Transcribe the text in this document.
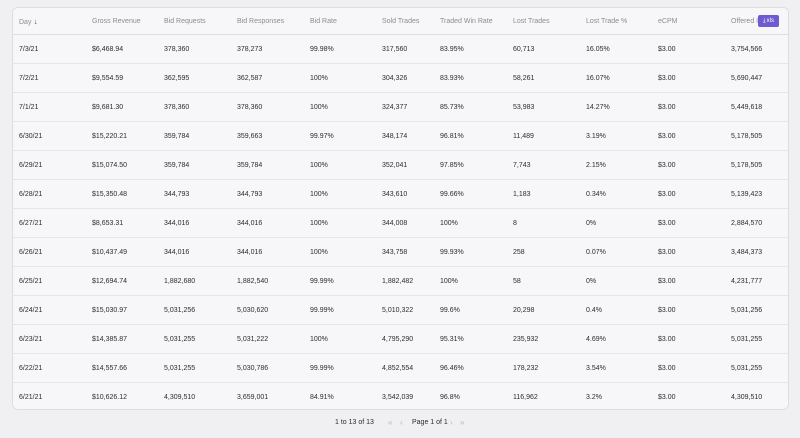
Day ↓	Gross Revenue	Bid Requests	Bid Responses	Bid Rate	Sold Trades	Traded Win Rate	Lost Trades	Lost Trade %	eCPM	Offered I ⤓xls
7/3/21	$6,468.94	378,360	378,273	99.98%	317,560	83.95%	60,713	16.05%	$3.00	3,754,566
7/2/21	$9,554.59	362,595	362,587	100%	304,326	83.93%	58,261	16.07%	$3.00	5,690,447
7/1/21	$9,681.30	378,360	378,360	100%	324,377	85.73%	53,983	14.27%	$3.00	5,449,618
6/30/21	$15,220.21	359,784	359,663	99.97%	348,174	96.81%	11,489	3.19%	$3.00	5,178,505
6/29/21	$15,074.50	359,784	359,784	100%	352,041	97.85%	7,743	2.15%	$3.00	5,178,505
6/28/21	$15,350.48	344,793	344,793	100%	343,610	99.66%	1,183	0.34%	$3.00	5,139,423
6/27/21	$8,653.31	344,016	344,016	100%	344,008	100%	8	0%	$3.00	2,884,570
6/26/21	$10,437.49	344,016	344,016	100%	343,758	99.93%	258	0.07%	$3.00	3,484,373
6/25/21	$12,694.74	1,882,680	1,882,540	99.99%	1,882,482	100%	58	0%	$3.00	4,231,777
6/24/21	$15,030.97	5,031,256	5,030,620	99.99%	5,010,322	99.6%	20,298	0.4%	$3.00	5,031,256
6/23/21	$14,385.87	5,031,255	5,031,222	100%	4,795,290	95.31%	235,932	4.69%	$3.00	5,031,255
6/22/21	$14,557.66	5,031,255	5,030,786	99.99%	4,852,554	96.46%	178,232	3.54%	$3.00	5,031,255
6/21/21	$10,626.12	4,309,510	3,659,001	84.91%	3,542,039	96.8%	116,962	3.2%	$3.00	4,309,510
1 to 13 of 13 « ‹ Page 1 of 1 › »
